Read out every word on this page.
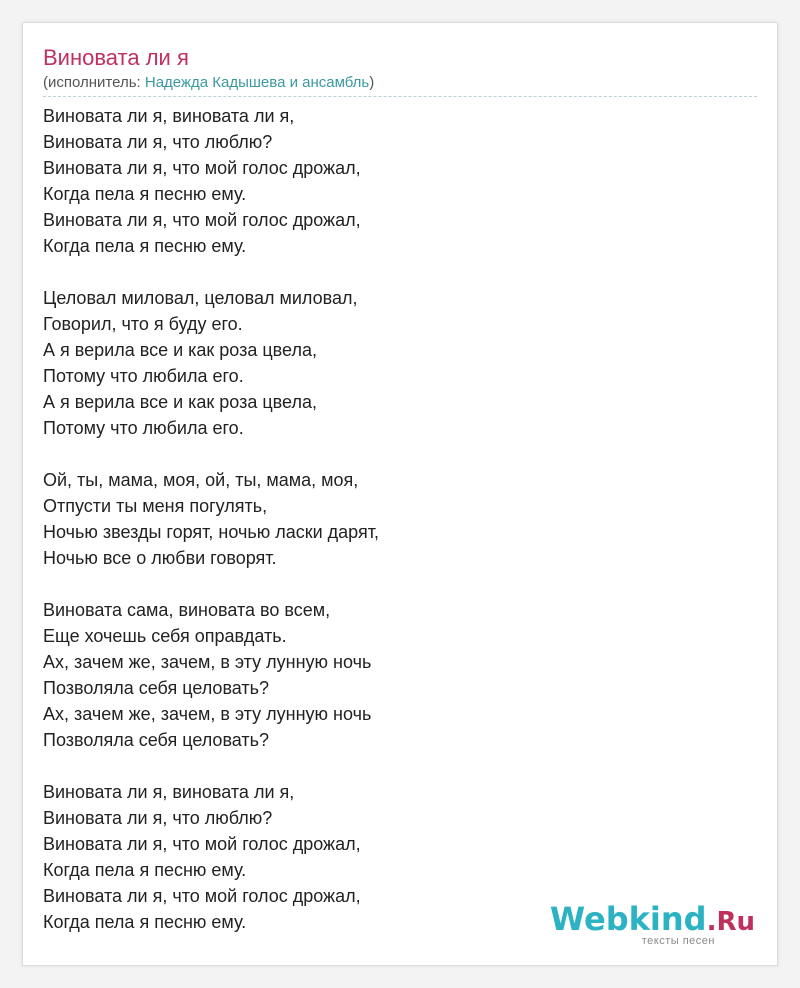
Виновата ли я
(исполнитель: Надежда Кадышева и ансамбль)
Виновата ли я, виновата ли я,
Виновата ли я, что люблю?
Виновата ли я, что мой голос дрожал,
Когда пела я песню ему.
Виновата ли я, что мой голос дрожал,
Когда пела я песню ему.
Целовал миловал, целовал миловал,
Говорил, что я буду его.
А я верила все и как роза цвела,
Потому что любила его.
А я верила все и как роза цвела,
Потому что любила его.
Ой, ты, мама, моя, ой, ты, мама, моя,
Отпусти ты меня погулять,
Ночью звезды горят, ночью ласки дарят,
Ночью все о любви говорят.
Виновата сама, виновата во всем,
Еще хочешь себя оправдать.
Ах, зачем же, зачем, в эту лунную ночь
Позволяла себя целовать?
Ах, зачем же, зачем, в эту лунную ночь
Позволяла себя целовать?
Виновата ли я, виновата ли я,
Виновата ли я, что люблю?
Виновата ли я, что мой голос дрожал,
Когда пела я песню ему.
Виновата ли я, что мой голос дрожал,
Когда пела я песню ему.	Webkind.Ru
тексты песен
